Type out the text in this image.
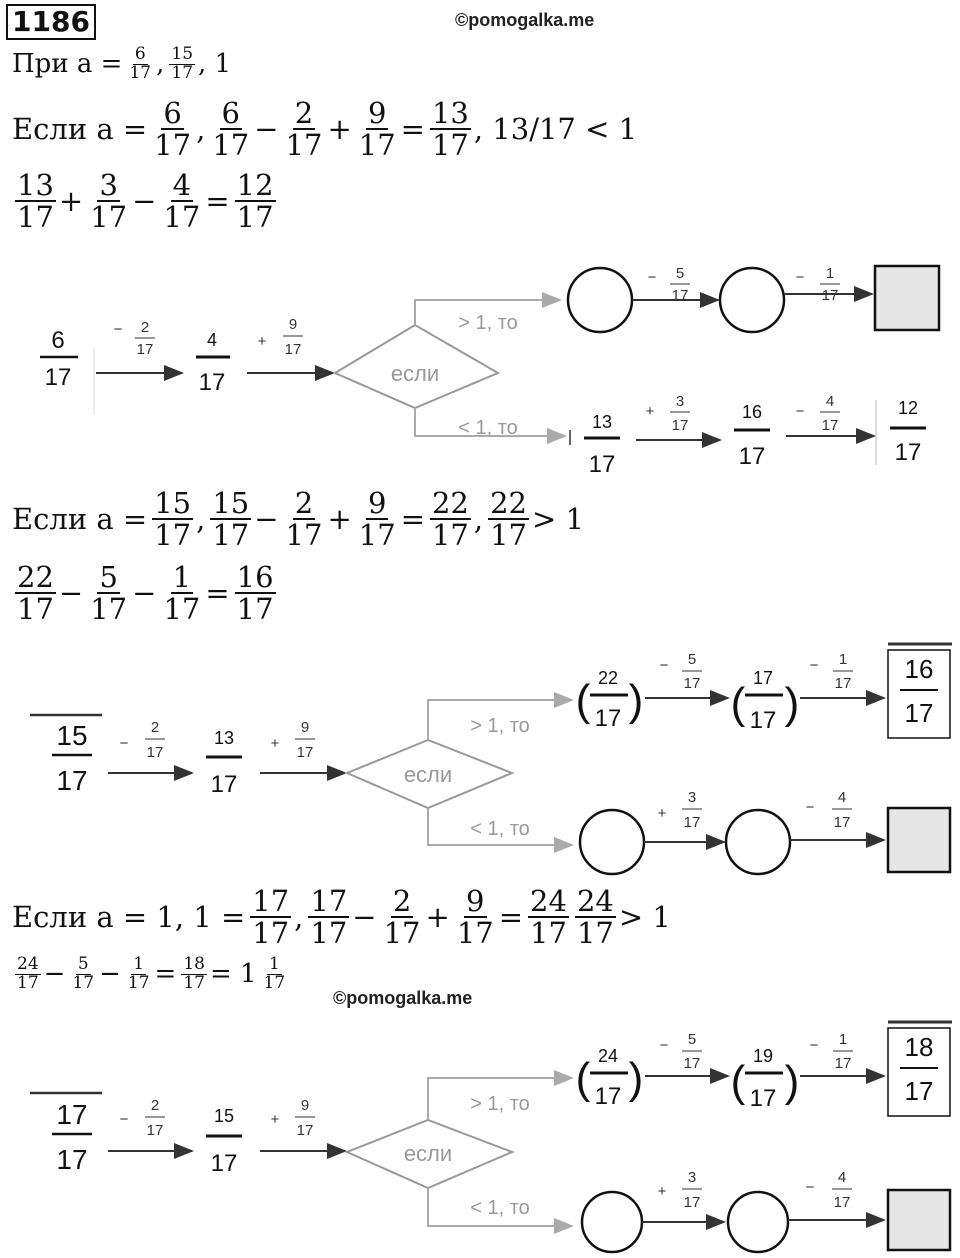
1186	©pomogalka.me
При $a = \frac{6}{17}$ , 15
17 , 1
Если $a = \frac{6}{17}$ , 6
$17 - \frac{2}{17} + \frac{9}{17} = \frac{13}{17}$ , 13/17 < 1
13
$17 + \frac{3}{17} - \frac{4}{17} = \frac{12}{17}$
6
17
− 2
17	4
17
+
9
17
если
> 1, то
< 1, то
− 5
17
− 1
17
13
17
+
3
17
16
17
−
4
17
12
17
Если $a = \frac{15}{17}$ , 15
$17 - \frac{2}{17} + \frac{9}{17} = \frac{22}{17}$ , 22
17 > 1
22
$17 - \frac{5}{17} - \frac{1}{17} = \frac{16}{17}$
15
17
−
2
17
13
17
+
9
17
если
> 1, то
< 1, то
( 22
17 )
− 5
17 (
17
17 )
− 1
17 16
17
+
3
17
−
4
17
Если a = 1, $1 = \frac{17}{17}$ , 17
$17 - \frac{2}{17} + \frac{9}{17} = \frac{24}{17} 24$
17 > 1
24
$17 - \frac{5}{17} - \frac{1}{17} = \frac{18}{17} = 1$ 1
17
©pomogalka.me
17
17
−
2
17
15
17
+
9
17
если
> 1, то
< 1, то
( 24
17 )
− 5
17 (
19
17 )
− 1
17
18
17
+
3
17
−
4
17
